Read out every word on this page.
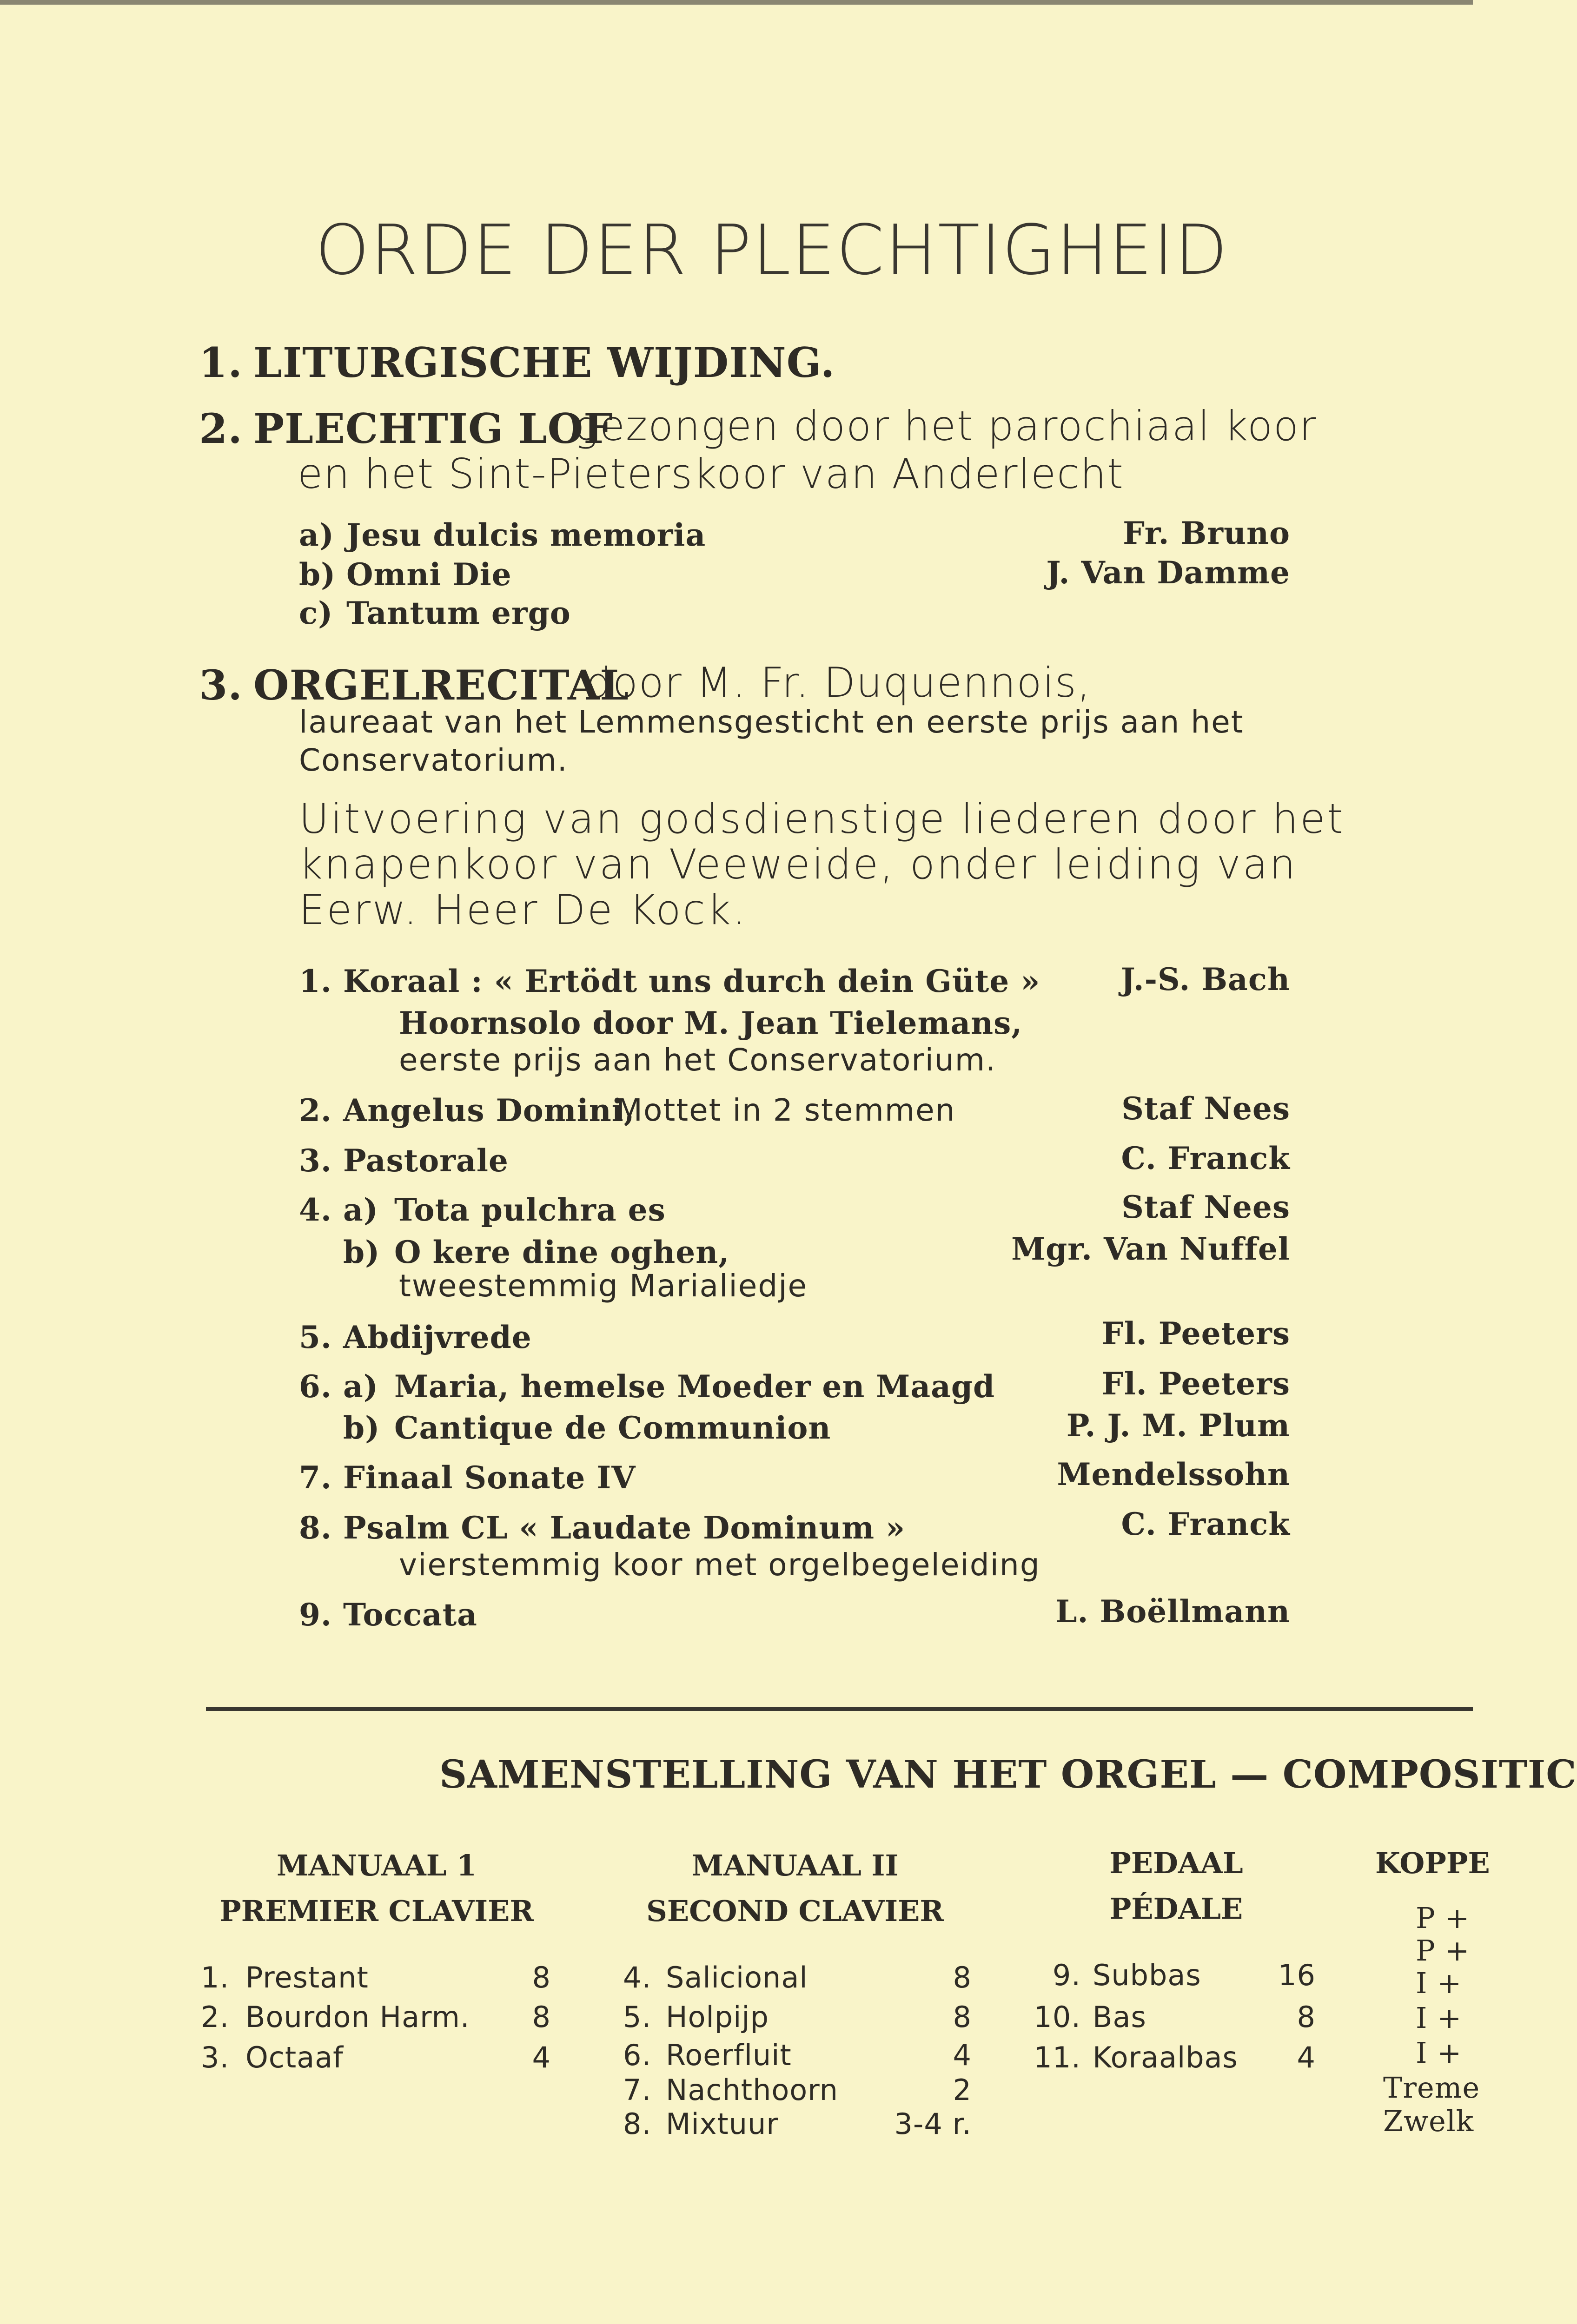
ORDE DER PLECHTIGHEID
1. LITURGISCHE WIJDING.
2. PLECHTIG LOF
gezongen door het parochiaal koor
en het Sint-Pieterskoor van Anderlecht
a) Jesu dulcis memoria	Fr. Bruno
b) Omni Die	J. Van Damme
c) Tantum ergo
3. ORGELRECITAL
door M. Fr. Duquennois,
laureaat van het Lemmensgesticht en eerste prijs aan het
Conservatorium.
Uitvoering van godsdienstige liederen door het
knapenkoor van Veeweide, onder leiding van
Eerw. Heer De Kock.
1. Koraal : « Ertödt uns durch dein Güte »	J.-S. Bach
Hoornsolo door M. Jean Tielemans,
eerste prijs aan het Conservatorium.
2. Angelus Domini,
Mottet in 2 stemmen	Staf Nees
3. Pastorale	C. Franck
4. a) Tota pulchra es	Staf Nees
b) O kere dine oghen,	Mgr. Van Nuffel
tweestemmig Marialiedje
5. Abdijvrede	Fl. Peeters
6. a) Maria, hemelse Moeder en Maagd	Fl. Peeters
b) Cantique de Communion	P. J. M. Plum
7. Finaal Sonate IV	Mendelssohn
8. Psalm CL « Laudate Dominum »	C. Franck
vierstemmig koor met orgelbegeleiding
9. Toccata	L. Boëllmann
SAMENSTELLING VAN HET ORGEL — COMPOSITIC
MANUAAL 1
PREMIER CLAVIER
MANUAAL II
SECOND CLAVIER
PEDAAL
PÉDALE
KOPPE
1. Prestant	8
2. Bourdon Harm.	8
3. Octaaf	4
4. Salicional	8
5. Holpijp	8
6. Roerfluit	4
7. Nachthoorn	2
8. Mixtuur	3-4 r.
9. Subbas	16
10. Bas	8
11. Koraalbas	4
P +
P +
I +
I +
I +
Treme
Zwelk
